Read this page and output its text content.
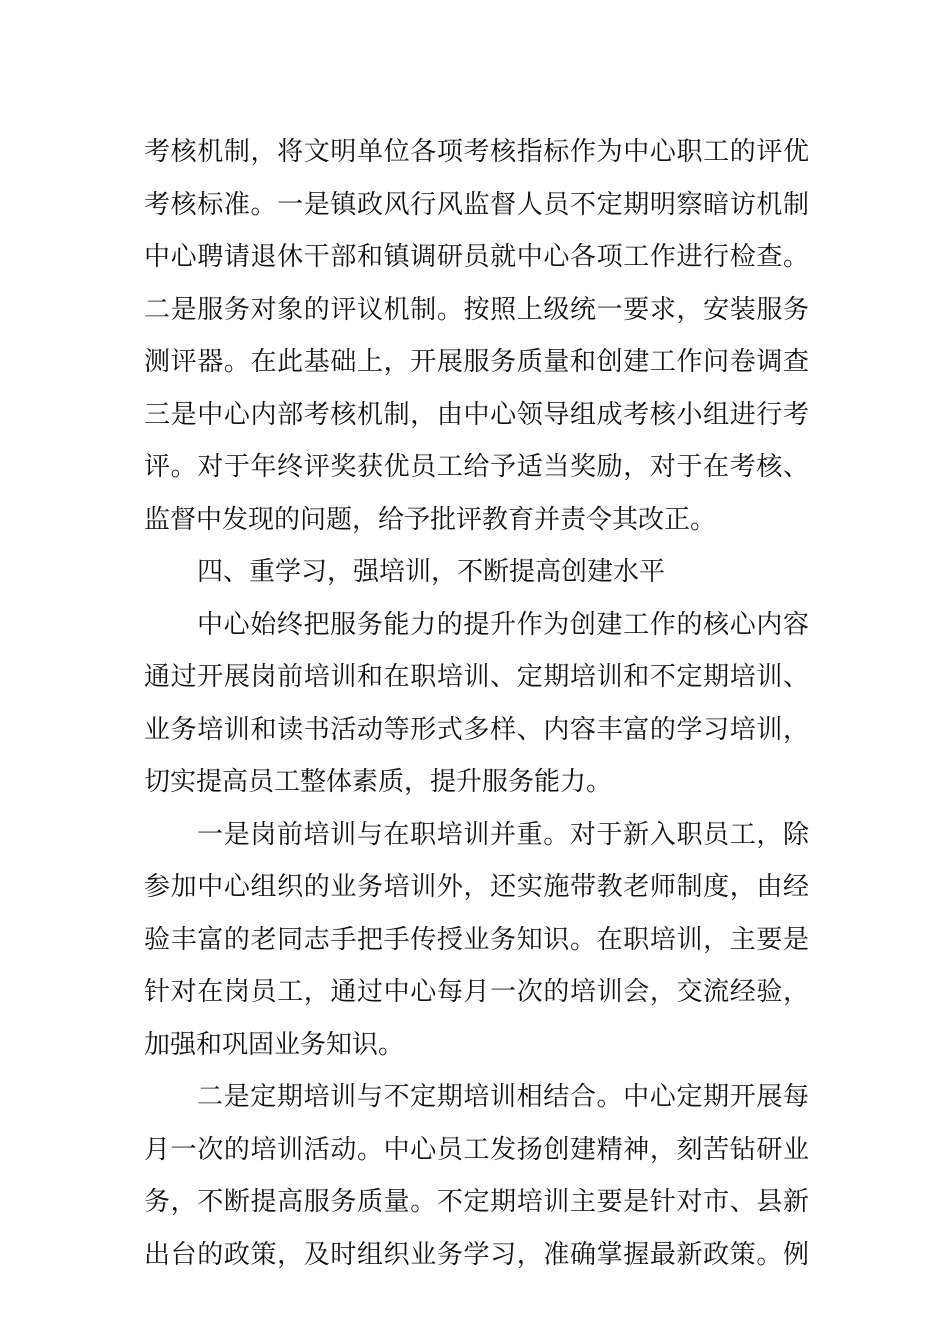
考核机制，将文明单位各项考核指标作为中心职工的评优
考核标准。一是镇政风行风监督人员不定期明察暗访机制
中心聘请退休干部和镇调研员就中心各项工作进行检查。
二是服务对象的评议机制。按照上级统一要求，安装服务
测评器。在此基础上，开展服务质量和创建工作问卷调查
三是中心内部考核机制，由中心领导组成考核小组进行考
评。对于年终评奖获优员工给予适当奖励，对于在考核、
监督中发现的问题，给予批评教育并责令其改正。
四、重学习，强培训，不断提高创建水平
中心始终把服务能力的提升作为创建工作的核心内容
通过开展岗前培训和在职培训、定期培训和不定期培训、
业务培训和读书活动等形式多样、内容丰富的学习培训，
切实提高员工整体素质，提升服务能力。
一是岗前培训与在职培训并重。对于新入职员工，除
参加中心组织的业务培训外，还实施带教老师制度，由经
验丰富的老同志手把手传授业务知识。在职培训，主要是
针对在岗员工，通过中心每月一次的培训会，交流经验，
加强和巩固业务知识。
二是定期培训与不定期培训相结合。中心定期开展每
月一次的培训活动。中心员工发扬创建精神，刻苦钻研业
务，不断提高服务质量。不定期培训主要是针对市、县新
出台的政策，及时组织业务学习，准确掌握最新政策。例
